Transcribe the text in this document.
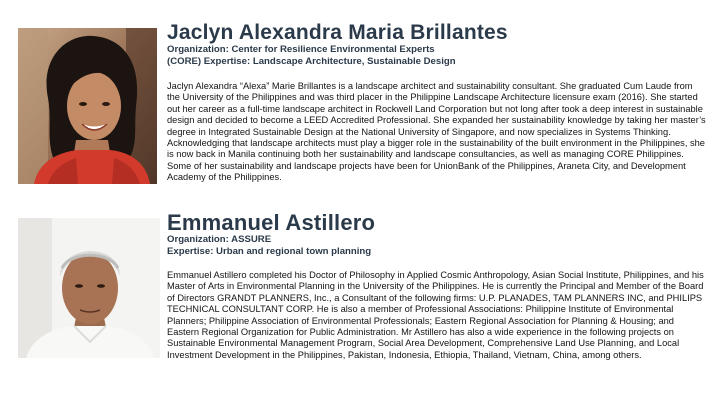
Jaclyn Alexandra Maria Brillantes
Organization: Center for Resilience Environmental Experts
(CORE) Expertise: Landscape Architecture, Sustainable Design

Jaclyn Alexandra “Alexa” Marie Brillantes is a landscape architect and sustainability consultant. She graduated Cum Laude from the University of the Philippines and was third placer in the Philippine Landscape Architecture licensure exam (2016). She started out her career as a full-time landscape architect in Rockwell Land Corporation but not long after took a deep interest in sustainable design and decided to become a LEED Accredited Professional. She expanded her sustainability knowledge by taking her master’s degree in Integrated Sustainable Design at the National University of Singapore, and now specializes in Systems Thinking. Acknowledging that landscape architects must play a bigger role in the sustainability of the built environment in the Philippines, she is now back in Manila continuing both her sustainability and landscape consultancies, as well as managing CORE Philippines. Some of her sustainability and landscape projects have been for UnionBank of the Philippines, Araneta City, and Development Academy of the Philippines.

Emmanuel Astillero
Organization: ASSURE
Expertise: Urban and regional town planning

Emmanuel Astillero completed his Doctor of Philosophy in Applied Cosmic Anthropology, Asian Social Institute, Philippines, and his Master of Arts in Environmental Planning in the University of the Philippines. He is currently the Principal and Member of the Board of Directors GRANDT PLANNERS, Inc., a Consultant of the following firms: U.P. PLANADES, TAM PLANNERS INC, and PHILIPS TECHNICAL CONSULTANT CORP. He is also a member of Professional Associations: Philippine Institute of Environmental Planners; Philippine Association of Environmental Professionals; Eastern Regional Association for Planning & Housing; and Eastern Regional Organization for Public Administration. Mr Astillero has also a wide experience in the following projects on Sustainable Environmental Management Program, Social Area Development, Comprehensive Land Use Planning, and Local Investment Development in the Philippines, Pakistan, Indonesia, Ethiopia, Thailand, Vietnam, China, among others.
